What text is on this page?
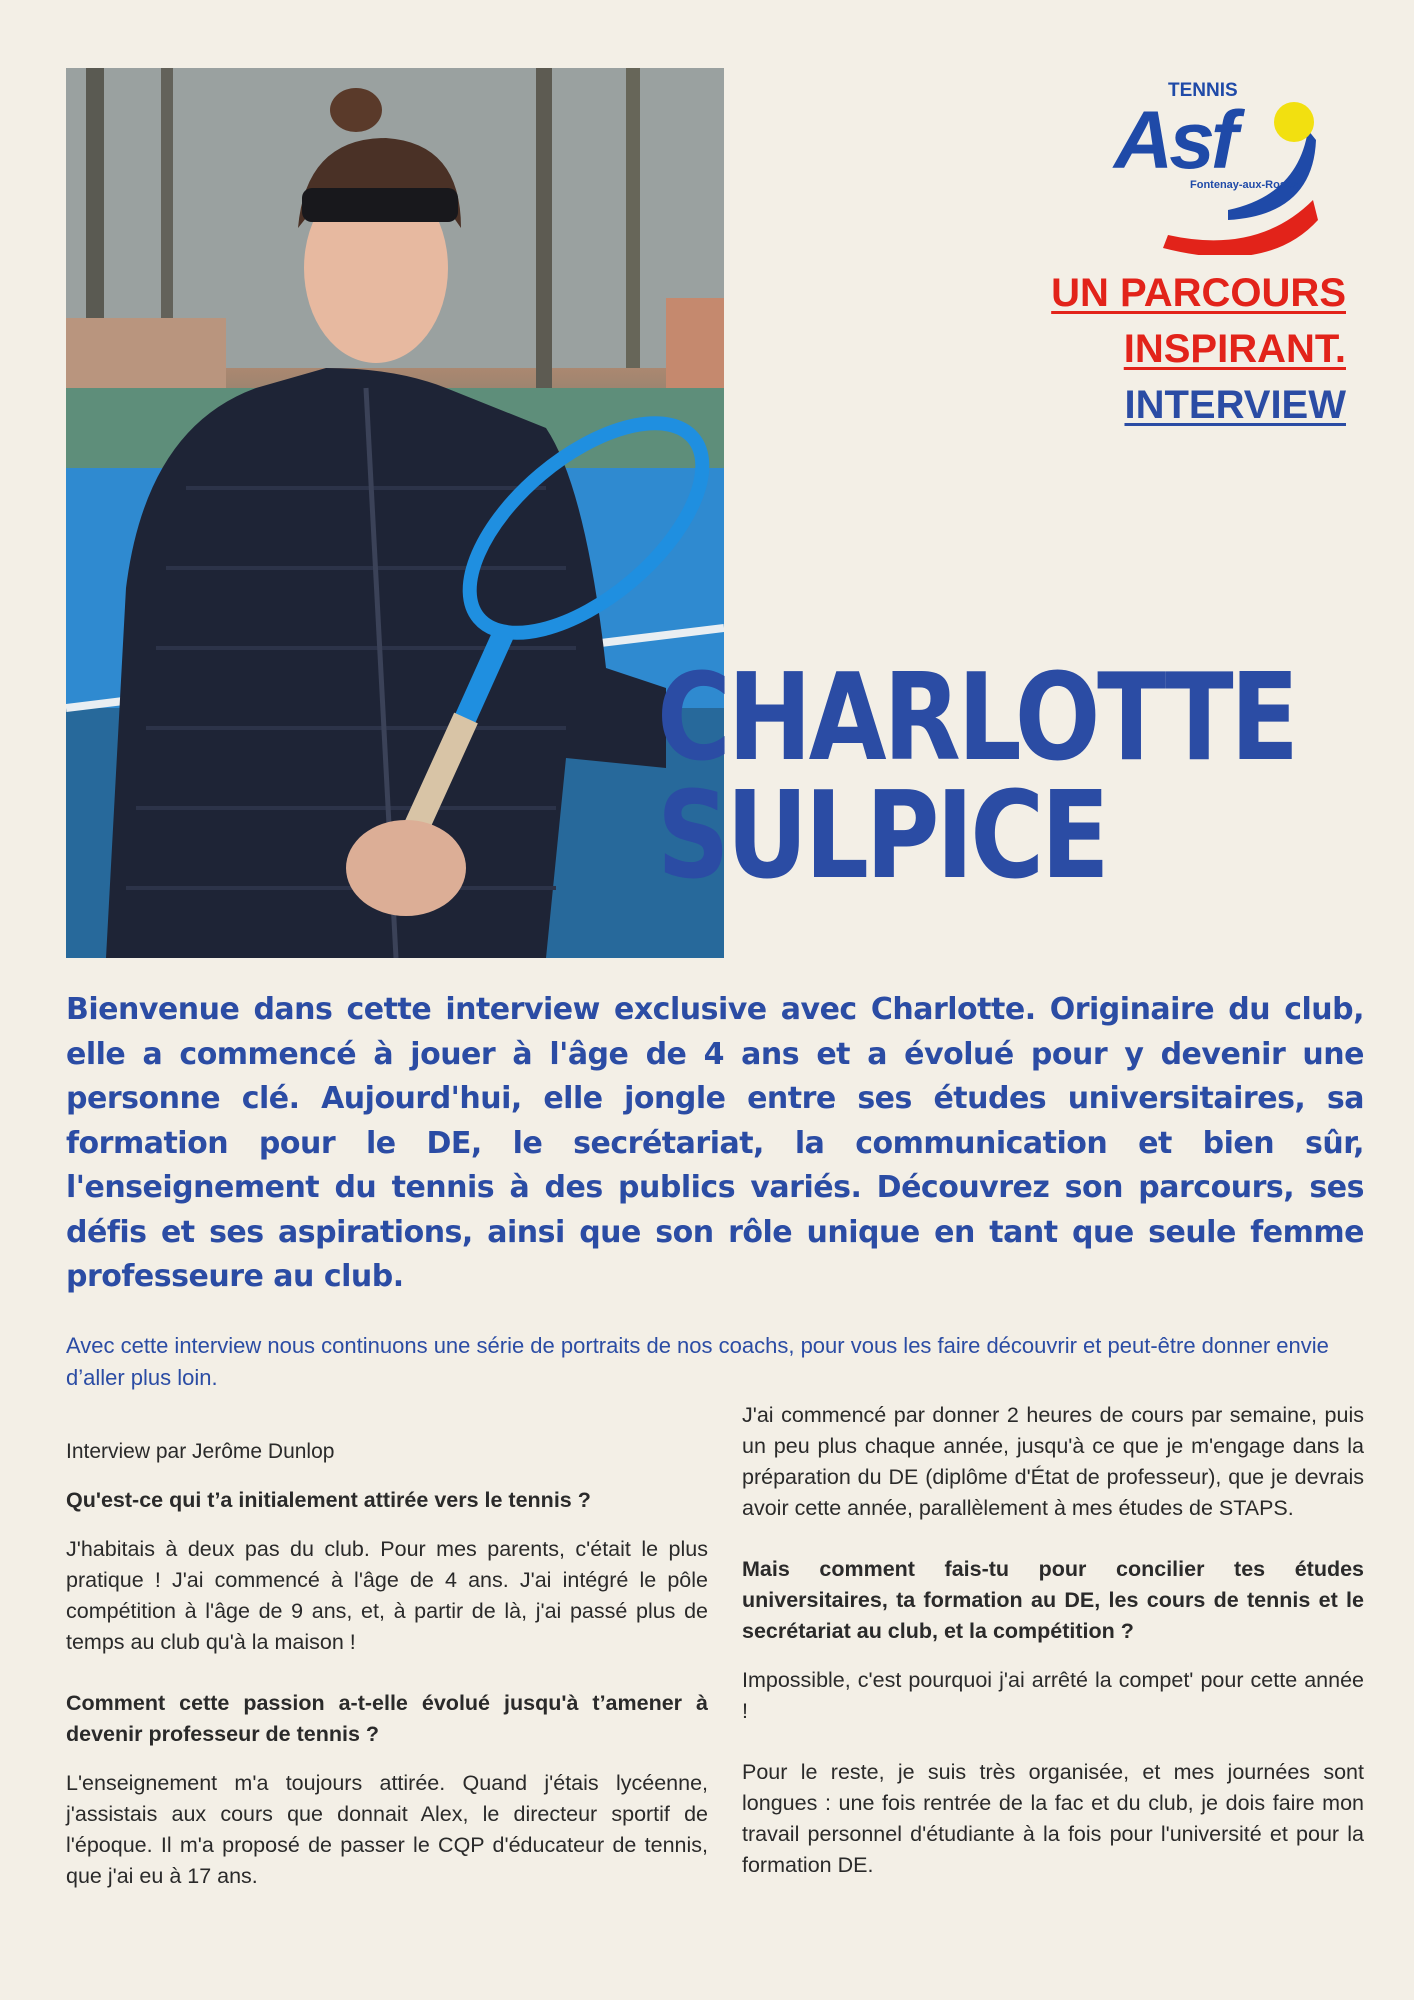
TENNIS
Asf
Fontenay-aux-Roses
UN PARCOURS
INSPIRANT.
INTERVIEW
CHARLOTTE
SULPICE
Bienvenue dans cette interview exclusive avec Charlotte. Originaire du club, elle a commencé à jouer à l'âge de 4 ans et a évolué pour y devenir une personne clé. Aujourd'hui, elle jongle entre ses études universitaires, sa formation pour le DE, le secrétariat, la communication et bien sûr, l'enseignement du tennis à des publics variés. Découvrez son parcours, ses défis et ses aspirations, ainsi que son rôle unique en tant que seule femme professeure au club.
Avec cette interview nous continuons une série de portraits de nos coachs, pour vous les faire découvrir et peut-être donner envie d’aller plus loin.

Interview par Jerôme Dunlop

Qu'est-ce qui t’a initialement attirée vers le tennis ?

J'habitais à deux pas du club. Pour mes parents, c'était le plus pratique ! J'ai commencé à l'âge de 4 ans. J'ai intégré le pôle compétition à l'âge de 9 ans, et, à partir de là, j'ai passé plus de temps au club qu'à la maison !

Comment cette passion a-t-elle évolué jusqu'à t’amener à devenir professeur de tennis ?

L'enseignement m'a toujours attirée. Quand j'étais lycéenne, j'assistais aux cours que donnait Alex, le directeur sportif de l'époque. Il m'a proposé de passer le CQP d'éducateur de tennis, que j'ai eu à 17 ans.

J'ai commencé par donner 2 heures de cours par semaine, puis un peu plus chaque année, jusqu'à ce que je m'engage dans la préparation du DE (diplôme d'État de professeur), que je devrais avoir cette année, parallèlement à mes études de STAPS.

Mais comment fais-tu pour concilier tes études universitaires, ta formation au DE, les cours de tennis et le secrétariat au club, et la compétition ?

Impossible, c'est pourquoi j'ai arrêté la compet' pour cette année !

Pour le reste, je suis très organisée, et mes journées sont longues : une fois rentrée de la fac et du club, je dois faire mon travail personnel d'étudiante à la fois pour l'université et pour la formation DE.
